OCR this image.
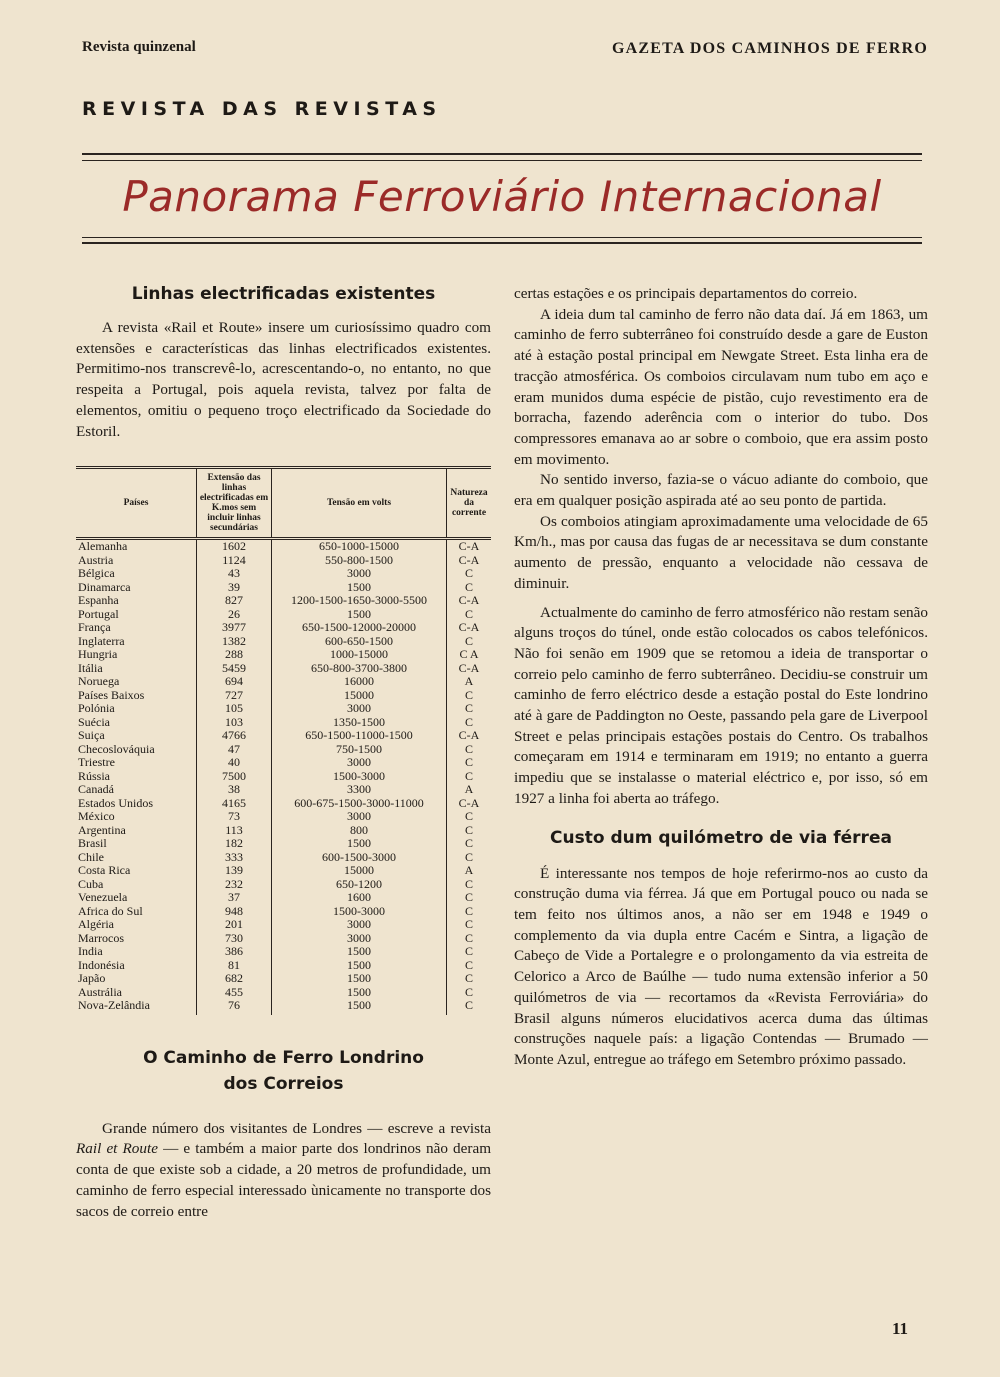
Revista quinzenal	GAZETA DOS CAMINHOS DE FERRO
REVISTA DAS REVISTAS
Panorama Ferroviário Internacional
Linhas electrificadas existentes

A revista «Rail et Route» insere um curiosíssimo quadro com extensões e características das linhas electrificados existentes. Permitimo-nos transcrevê-lo, acrescentando-o, no entanto, no que respeita a Portugal, pois aquela revista, talvez por falta de elementos, omitiu o pequeno troço electrificado da Sociedade do Estoril.

Países	Extensão das linhas electrificadas em K.mos sem incluir linhas secundárias	Tensão em volts	Natureza da corrente
Alemanha	1602	650-1000-15000	C-A
Austria	1124	550-800-1500	C-A
Bélgica	43	3000	C
Dinamarca	39	1500	C
Espanha	827	1200-1500-1650-3000-5500	C-A
Portugal	26	1500	C
França	3977	650-1500-12000-20000	C-A
Inglaterra	1382	600-650-1500	C
Hungria	288	1000-15000	C A
Itália	5459	650-800-3700-3800	C-A
Noruega	694	16000	A
Países Baixos	727	15000	C
Polónia	105	3000	C
Suécia	103	1350-1500	C
Suiça	4766	650-1500-11000-1500	C-A
Checoslováquia	47	750-1500	C
Triestre	40	3000	C
Rússia	7500	1500-3000	C
Canadá	38	3300	A
Estados Unidos	4165	600-675-1500-3000-11000	C-A
México	73	3000	C
Argentina	113	800	C
Brasil	182	1500	C
Chile	333	600-1500-3000	C
Costa Rica	139	15000	A
Cuba	232	650-1200	C
Venezuela	37	1600	C
Africa do Sul	948	1500-3000	C
Algéria	201	3000	C
Marrocos	730	3000	C
India	386	1500	C
Indonésia	81	1500	C
Japão	682	1500	C
Austrália	455	1500	C
Nova-Zelândia	76	1500	C
O Caminho de Ferro Londrino
dos Correios

Grande número dos visitantes de Londres — escreve a revista Rail et Route — e também a maior parte dos londrinos não deram conta de que existe sob a cidade, a 20 metros de profundidade, um caminho de ferro especial interessado ùnicamente no transporte dos sacos de correio entre

certas estações e os principais departamentos do correio.

A ideia dum tal caminho de ferro não data daí. Já em 1863, um caminho de ferro subterrâneo foi construído desde a gare de Euston até à estação postal principal em Newgate Street. Esta linha era de tracção atmosférica. Os comboios circulavam num tubo em aço e eram munidos duma espécie de pistão, cujo revestimento era de borracha, fazendo aderência com o interior do tubo. Dos compressores emanava ao ar sobre o comboio, que era assim posto em movimento.

No sentido inverso, fazia-se o vácuo adiante do comboio, que era em qualquer posição aspirada até ao seu ponto de partida.

Os comboios atingiam aproximadamente uma velocidade de 65 Km/h., mas por causa das fugas de ar necessitava se dum constante aumento de pressão, enquanto a velocidade não cessava de diminuir.

Actualmente do caminho de ferro atmosférico não restam senão alguns troços do túnel, onde estão colocados os cabos telefónicos. Não foi senão em 1909 que se retomou a ideia de transportar o correio pelo caminho de ferro subterrâneo. Decidiu-se construir um caminho de ferro eléctrico desde a estação postal do Este londrino até à gare de Paddington no Oeste, passando pela gare de Liverpool Street e pelas principais estações postais do Centro. Os trabalhos começaram em 1914 e terminaram em 1919; no entanto a guerra impediu que se instalasse o material eléctrico e, por isso, só em 1927 a linha foi aberta ao tráfego.

Custo dum quilómetro de via férrea

É interessante nos tempos de hoje referirmo-nos ao custo da construção duma via férrea. Já que em Portugal pouco ou nada se tem feito nos últimos anos, a não ser em 1948 e 1949 o complemento da via dupla entre Cacém e Sintra, a ligação de Cabeço de Vide a Portalegre e o prolongamento da via estreita de Celorico a Arco de Baúlhe — tudo numa extensão inferior a 50 quilómetros de via — recortamos da «Revista Ferroviária» do Brasil alguns números elucidativos acerca duma das últimas construções naquele país: a ligação Contendas — Brumado — Monte Azul, entregue ao tráfego em Setembro próximo passado.

11
